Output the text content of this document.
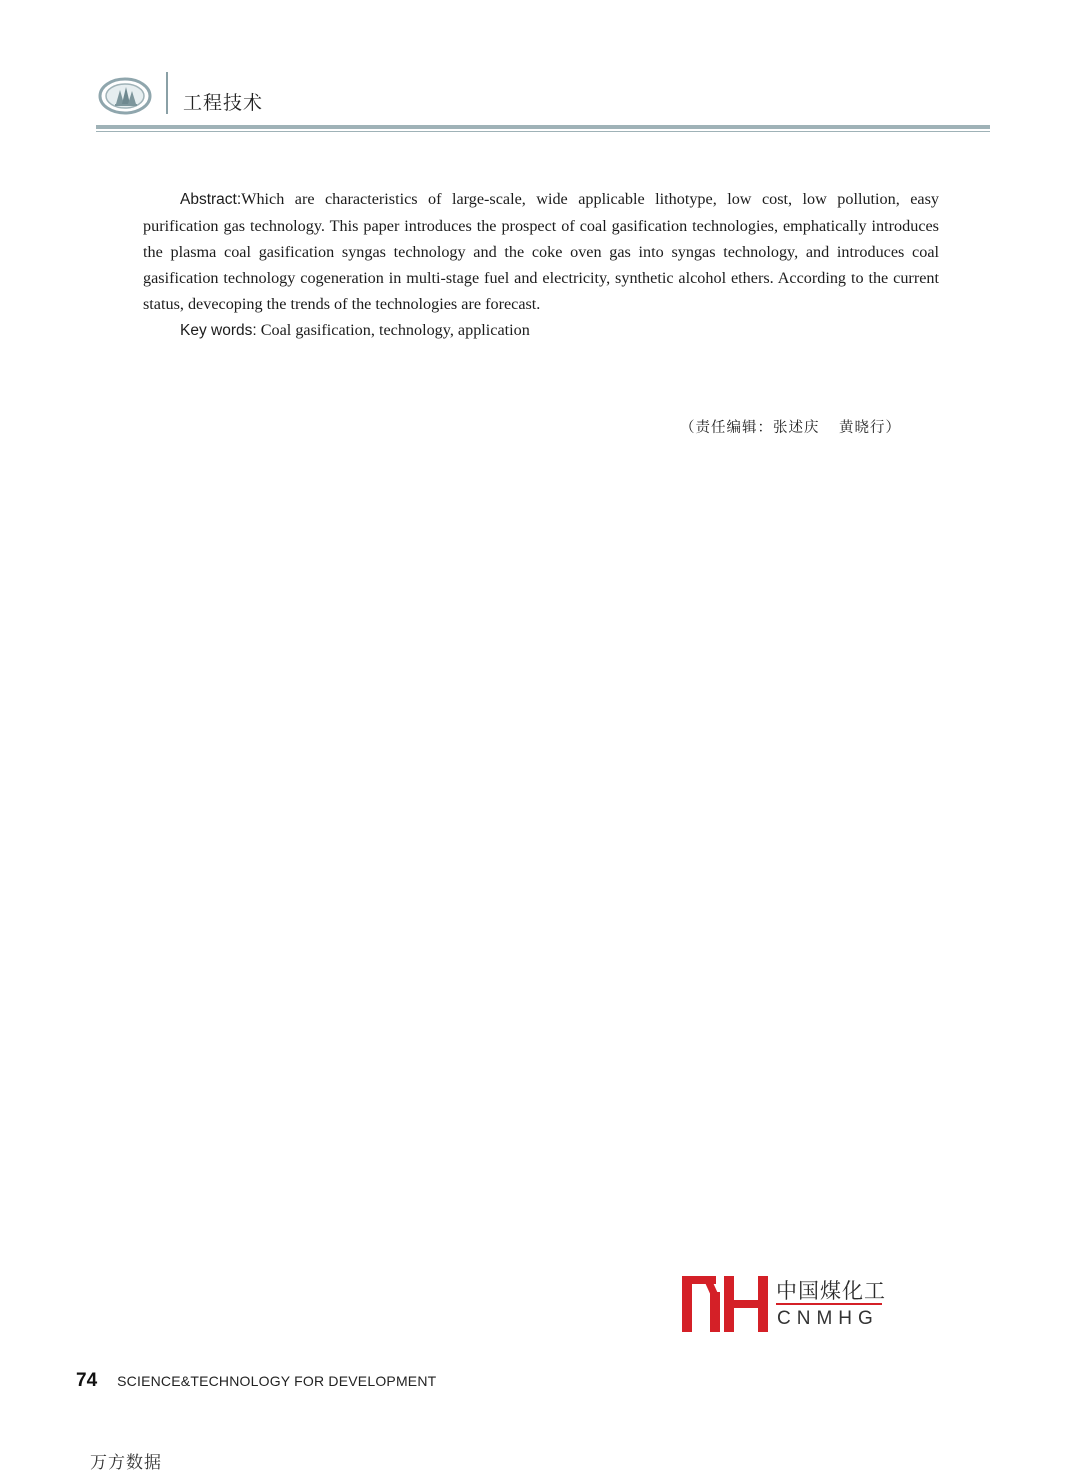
工程技术

Abstract:Which are characteristics of large-scale, wide applicable lithotype, low cost, low pollution, easy purification gas technology. This paper introduces the prospect of coal gasification technologies, emphatically introduces the plasma coal gasification syngas technology and the coke oven gas into syngas technology, and introduces coal gasification technology cogeneration in multi-stage fuel and electricity, synthetic alcohol ethers. According to the current status, devecoping the trends of the technologies are forecast.

Key words: Coal gasification, technology, application

（责任编辑：张述庆  黄晓行）
中国煤化工
CNMHG
74 SCIENCE&TECHNOLOGY FOR DEVELOPMENT
万方数据
